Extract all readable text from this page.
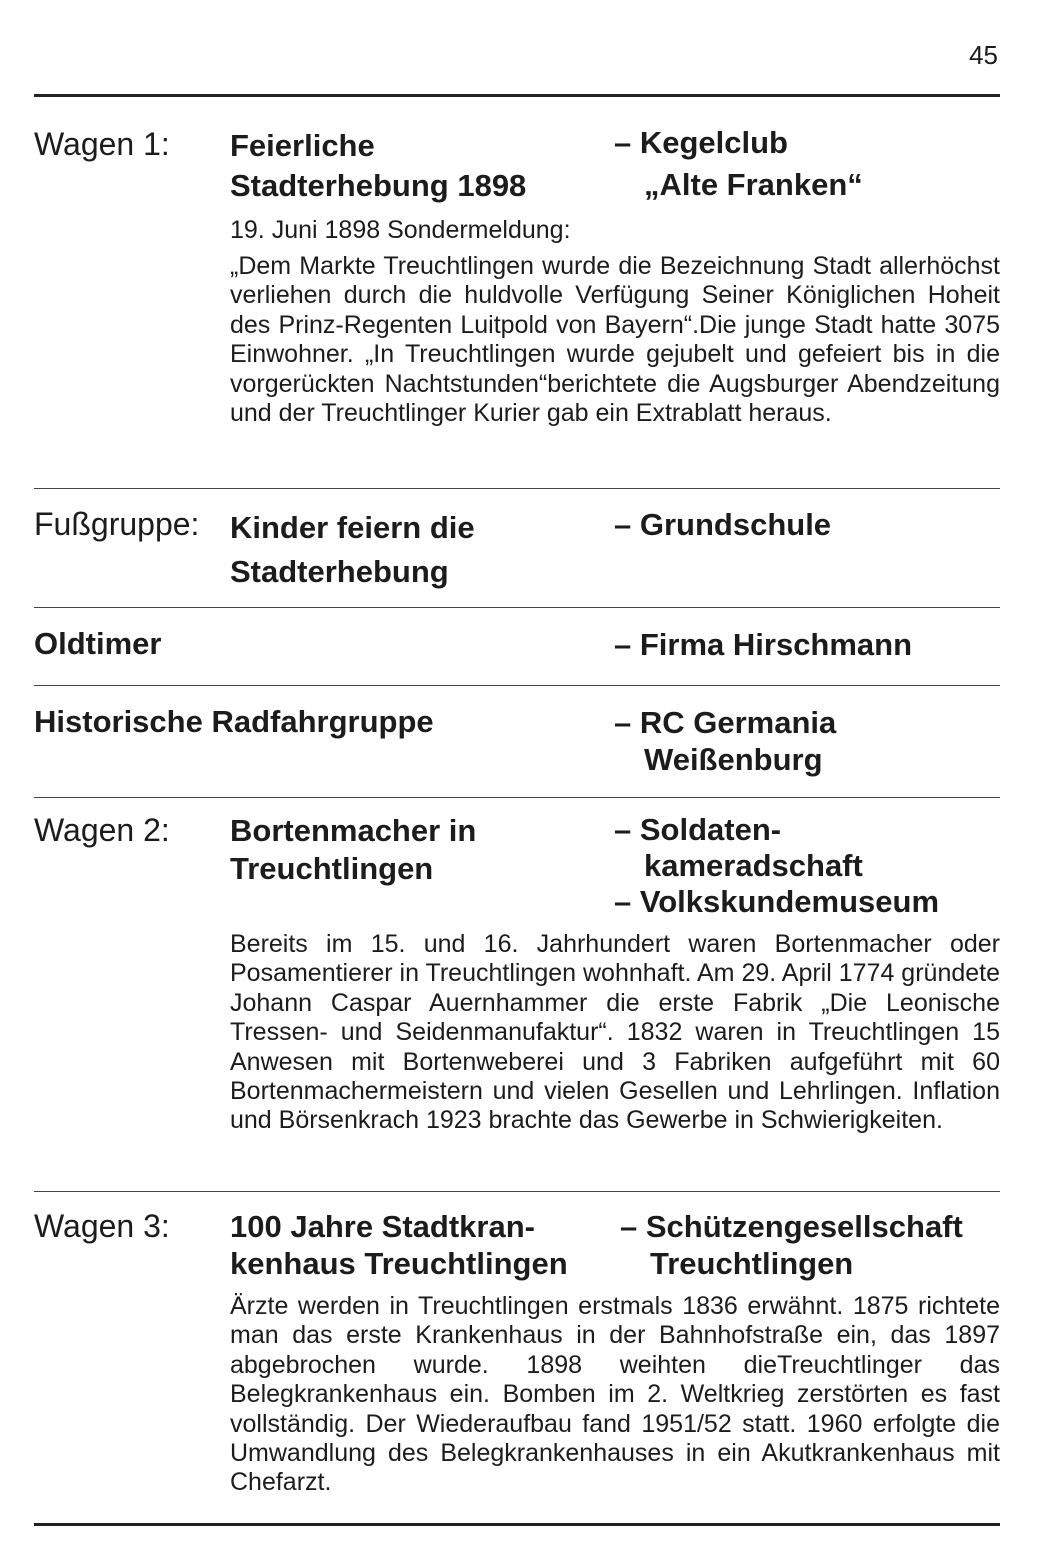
45
Wagen 1: Feierliche
Stadterhebung 1898
– Kegelclub
„Alte Franken“
19. Juni 1898 Sondermeldung:
„Dem Markte Treuchtlingen wurde die Bezeichnung Stadt allerhöchst verliehen durch die huldvolle Verfügung Seiner Königlichen Hoheit des Prinz-Regenten Luitpold von Bayern“.Die junge Stadt hatte 3075 Einwohner. „In Treuchtlingen wurde gejubelt und gefeiert bis in die vorgerückten Nachtstunden“berichtete die Augsburger Abendzeitung und der Treuchtlinger Kurier gab ein Extrablatt heraus.
Fußgruppe: Kinder feiern die
Stadterhebung
– Grundschule
Oldtimer	– Firma Hirschmann
Historische Radfahrgruppe	– RC Germania
Weißenburg
Wagen 2: Bortenmacher in
Treuchtlingen
– Soldaten-
kameradschaft
– Volkskundemuseum
Bereits im 15. und 16. Jahrhundert waren Bortenmacher oder Posamentierer in Treuchtlingen wohnhaft. Am 29. April 1774 gründete Johann Caspar Auernhammer die erste Fabrik „Die Leonische Tressen- und Seidenmanufaktur“. 1832 waren in Treuchtlingen 15 Anwesen mit Bortenweberei und 3 Fabriken aufgeführt mit 60 Bortenmachermeistern und vielen Gesellen und Lehrlingen. Inflation und Börsenkrach 1923 brachte das Gewerbe in Schwierigkeiten.
Wagen 3: 100 Jahre Stadtkran-
kenhaus Treuchtlingen
– Schützengesellschaft
Treuchtlingen
Ärzte werden in Treuchtlingen erstmals 1836 erwähnt. 1875 richtete man das erste Krankenhaus in der Bahnhofstraße ein, das 1897 abgebrochen wurde. 1898 weihten dieTreuchtlinger das Belegkrankenhaus ein. Bomben im 2. Weltkrieg zerstörten es fast vollständig. Der Wiederaufbau fand 1951/52 statt. 1960 erfolgte die Umwandlung des Belegkrankenhauses in ein Akutkrankenhaus mit Chefarzt.
